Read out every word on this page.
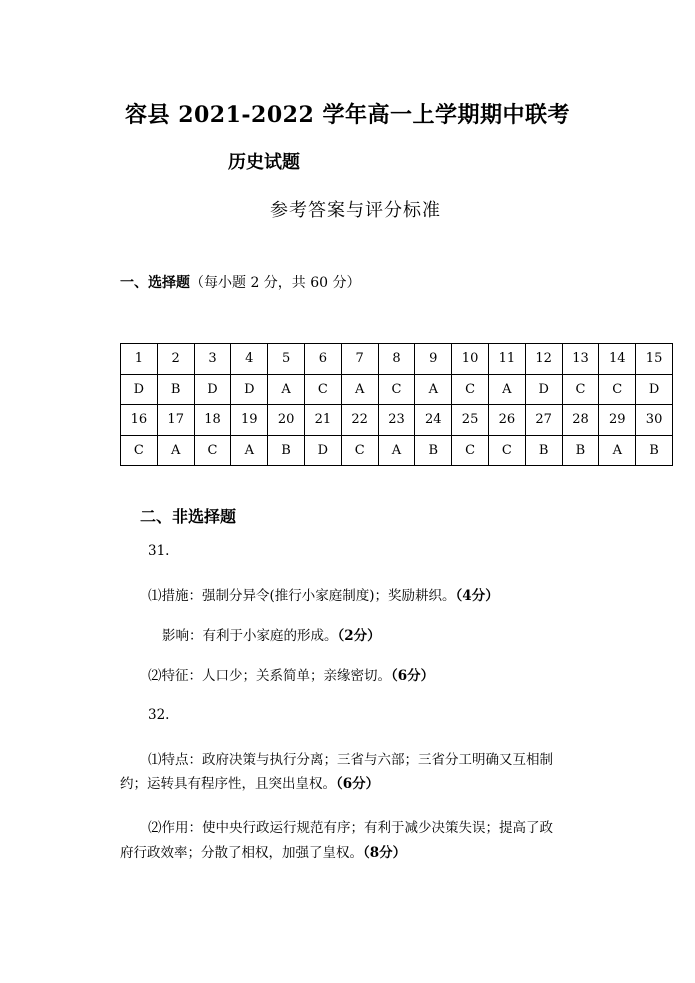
容县 2021-2022 学年高一上学期期中联考
历史试题
参考答案与评分标准
一、选择题（每小题 2 分，共 60 分）
1	2	3	4	5	6	7	8	9	10	11	12	13	14	15
D	B	D	D	A	C	A	C	A	C	A	D	C	C	D
16	17	18	19	20	21	22	23	24	25	26	27	28	29	30
C	A	C	A	B	D	C	A	B	C	C	B	B	A	B
二、非选择题
31.
⑴措施：强制分异令(推行小家庭制度)；奖励耕织。（4分）
影响：有利于小家庭的形成。（2分）
⑵特征：人口少；关系简单；亲缘密切。（6分）
32.
⑴特点：政府决策与执行分离；三省与六部；三省分工明确又互相制
约；运转具有程序性，且突出皇权。（6分）
⑵作用：使中央行政运行规范有序；有利于减少决策失误；提高了政
府行政效率；分散了相权，加强了皇权。（8分）
